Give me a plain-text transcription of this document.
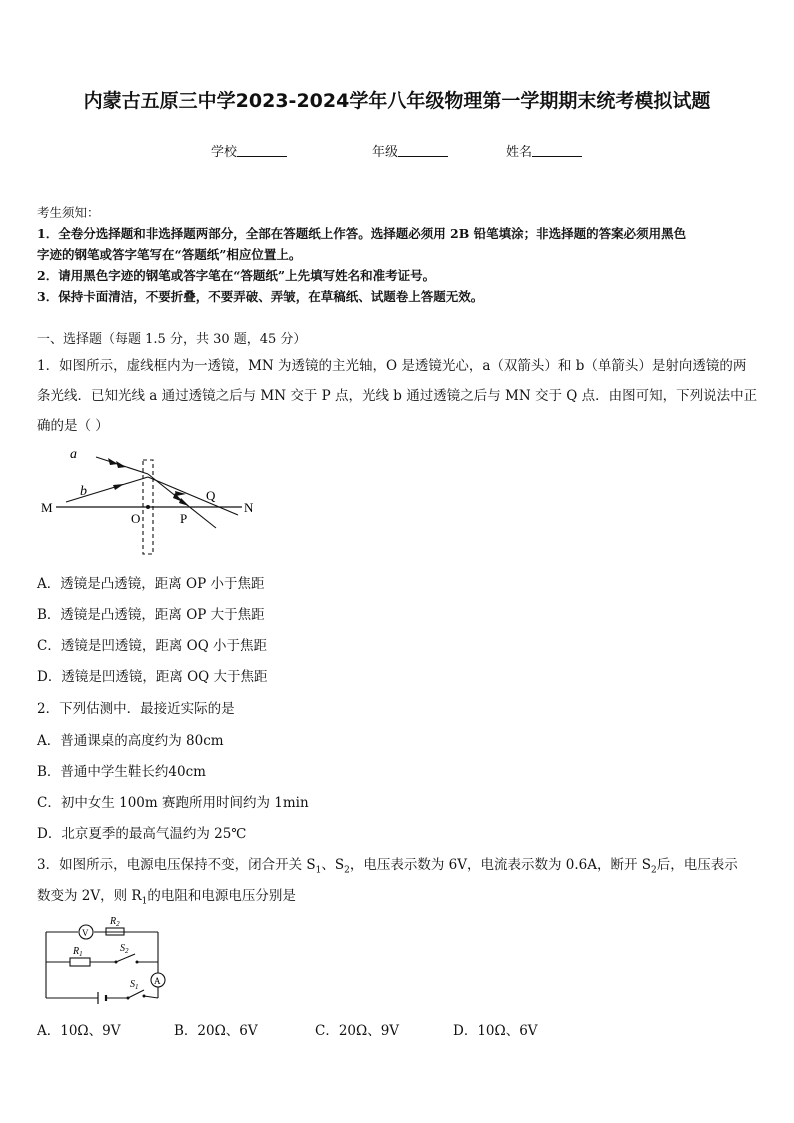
内蒙古五原三中学2023-2024学年八年级物理第一学期期末统考模拟试题
学校	年级	姓名
考生须知：
1．全卷分选择题和非选择题两部分，全部在答题纸上作答。选择题必须用 2B 铅笔填涂；非选择题的答案必须用黑色
字迹的钢笔或答字笔写在“答题纸”相应位置上。
2．请用黑色字迹的钢笔或答字笔在“答题纸”上先填写姓名和准考证号。
3．保持卡面清洁，不要折叠，不要弄破、弄皱，在草稿纸、试题卷上答题无效。
一、选择题（每题 1.5 分，共 30 题，45 分）
1．如图所示，虚线框内为一透镜，MN 为透镜的主光轴，O 是透镜光心，a（双箭头）和 b（单箭头）是射向透镜的两
条光线．已知光线 a 通过透镜之后与 MN 交于 P 点，光线 b 通过透镜之后与 MN 交于 Q 点．由图可知，下列说法中正
确的是（ ）
a
b
M	N
O	P
Q
A．透镜是凸透镜，距离 OP 小于焦距
B．透镜是凸透镜，距离 OP 大于焦距
C．透镜是凹透镜，距离 OQ 小于焦距
D．透镜是凹透镜，距离 OQ 大于焦距
2．下列估测中．最接近实际的是
A．普通课桌的高度约为 80cm
B．普通中学生鞋长约40cm
C．初中女生 100m 赛跑所用时间约为 1min
D．北京夏季的最高气温约为 25℃
3．如图所示，电源电压保持不变，闭合开关 $S_1$、$S_2$，电压表示数为 6V，电流表示数为 0.6A，断开 $S_2$后，电压表示
数变为 2V，则 $R_1$的电阻和电源电压分别是
V
A
$R_2$
$R_1$	$S_2$
$S_1$
A．10Ω、9V	B．20Ω、6V	C．20Ω、9V	D．10Ω、6V
